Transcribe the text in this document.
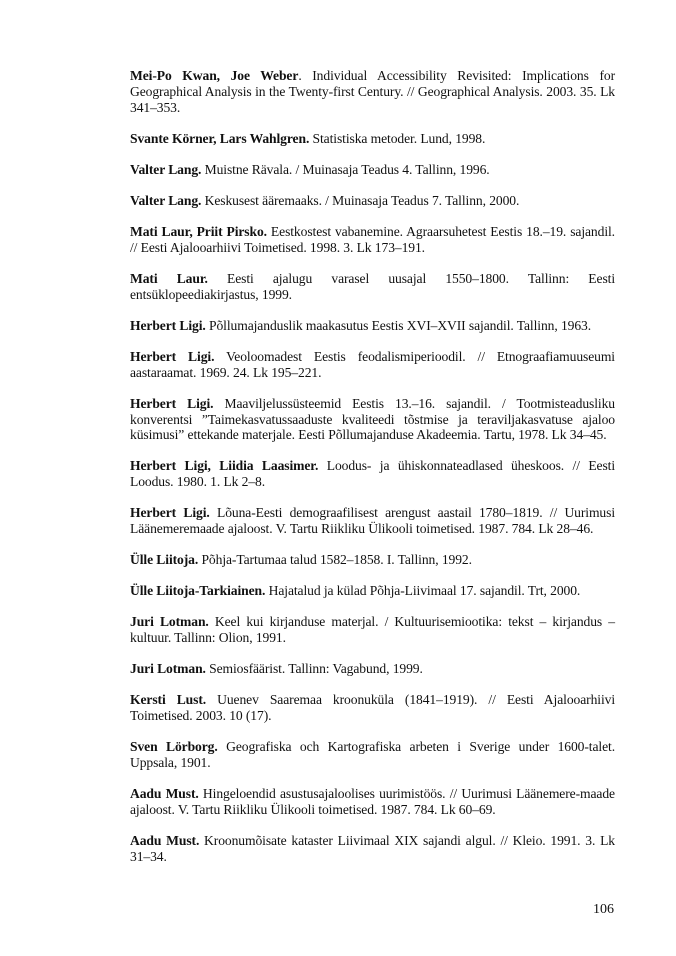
Mei-Po Kwan, Joe Weber. Individual Accessibility Revisited: Implications for Geographical Analysis in the Twenty-first Century. // Geographical Analysis. 2003. 35. Lk 341–353.
Svante Körner, Lars Wahlgren. Statistiska metoder. Lund, 1998.
Valter Lang. Muistne Rävala. / Muinasaja Teadus 4. Tallinn, 1996.
Valter Lang. Keskusest ääremaaks. / Muinasaja Teadus 7. Tallinn, 2000.
Mati Laur, Priit Pirsko. Eestkostest vabanemine. Agraarsuhetest Eestis 18.–19. sajandil. // Eesti Ajalooarhiivi Toimetised. 1998. 3. Lk 173–191.
Mati Laur. Eesti ajalugu varasel uusajal 1550–1800. Tallinn: Eesti entsüklopeediakirjastus, 1999.
Herbert Ligi. Põllumajanduslik maakasutus Eestis XVI–XVII sajandil. Tallinn, 1963.
Herbert Ligi. Veoloomadest Eestis feodalismiperioodil. // Etnograafiamuuseumi aastaraamat. 1969. 24. Lk 195–221.
Herbert Ligi. Maaviljelussüsteemid Eestis 13.–16. sajandil. / Tootmisteadusliku konverentsi ”Taimekasvatussaaduste kvaliteedi tõstmise ja teraviljakasvatuse ajaloo küsimusi” ettekande materjale. Eesti Põllumajanduse Akadeemia. Tartu, 1978. Lk 34–45.
Herbert Ligi, Liidia Laasimer. Loodus- ja ühiskonnateadlased üheskoos. // Eesti Loodus. 1980. 1. Lk 2–8.
Herbert Ligi. Lõuna-Eesti demograafilisest arengust aastail 1780–1819. // Uurimusi Läänemeremaade ajaloost. V. Tartu Riikliku Ülikooli toimetised. 1987. 784. Lk 28–46.
Ülle Liitoja. Põhja-Tartumaa talud 1582–1858. I. Tallinn, 1992.
Ülle Liitoja-Tarkiainen. Hajatalud ja külad Põhja-Liivimaal 17. sajandil. Trt, 2000.
Juri Lotman. Keel kui kirjanduse materjal. / Kultuurisemiootika: tekst – kirjandus – kultuur. Tallinn: Olion, 1991.
Juri Lotman. Semiosfäärist. Tallinn: Vagabund, 1999.
Kersti Lust. Uuenev Saaremaa kroonuküla (1841–1919). // Eesti Ajalooarhiivi Toimetised. 2003. 10 (17).
Sven Lörborg. Geografiska och Kartografiska arbeten i Sverige under 1600-talet. Uppsala, 1901.
Aadu Must. Hingeloendid asustusajaloolises uurimistöös. // Uurimusi Läänemere-maade ajaloost. V. Tartu Riikliku Ülikooli toimetised. 1987. 784. Lk 60–69.
Aadu Must. Kroonumõisate kataster Liivimaal XIX sajandi algul. // Kleio. 1991. 3. Lk 31–34.
106
